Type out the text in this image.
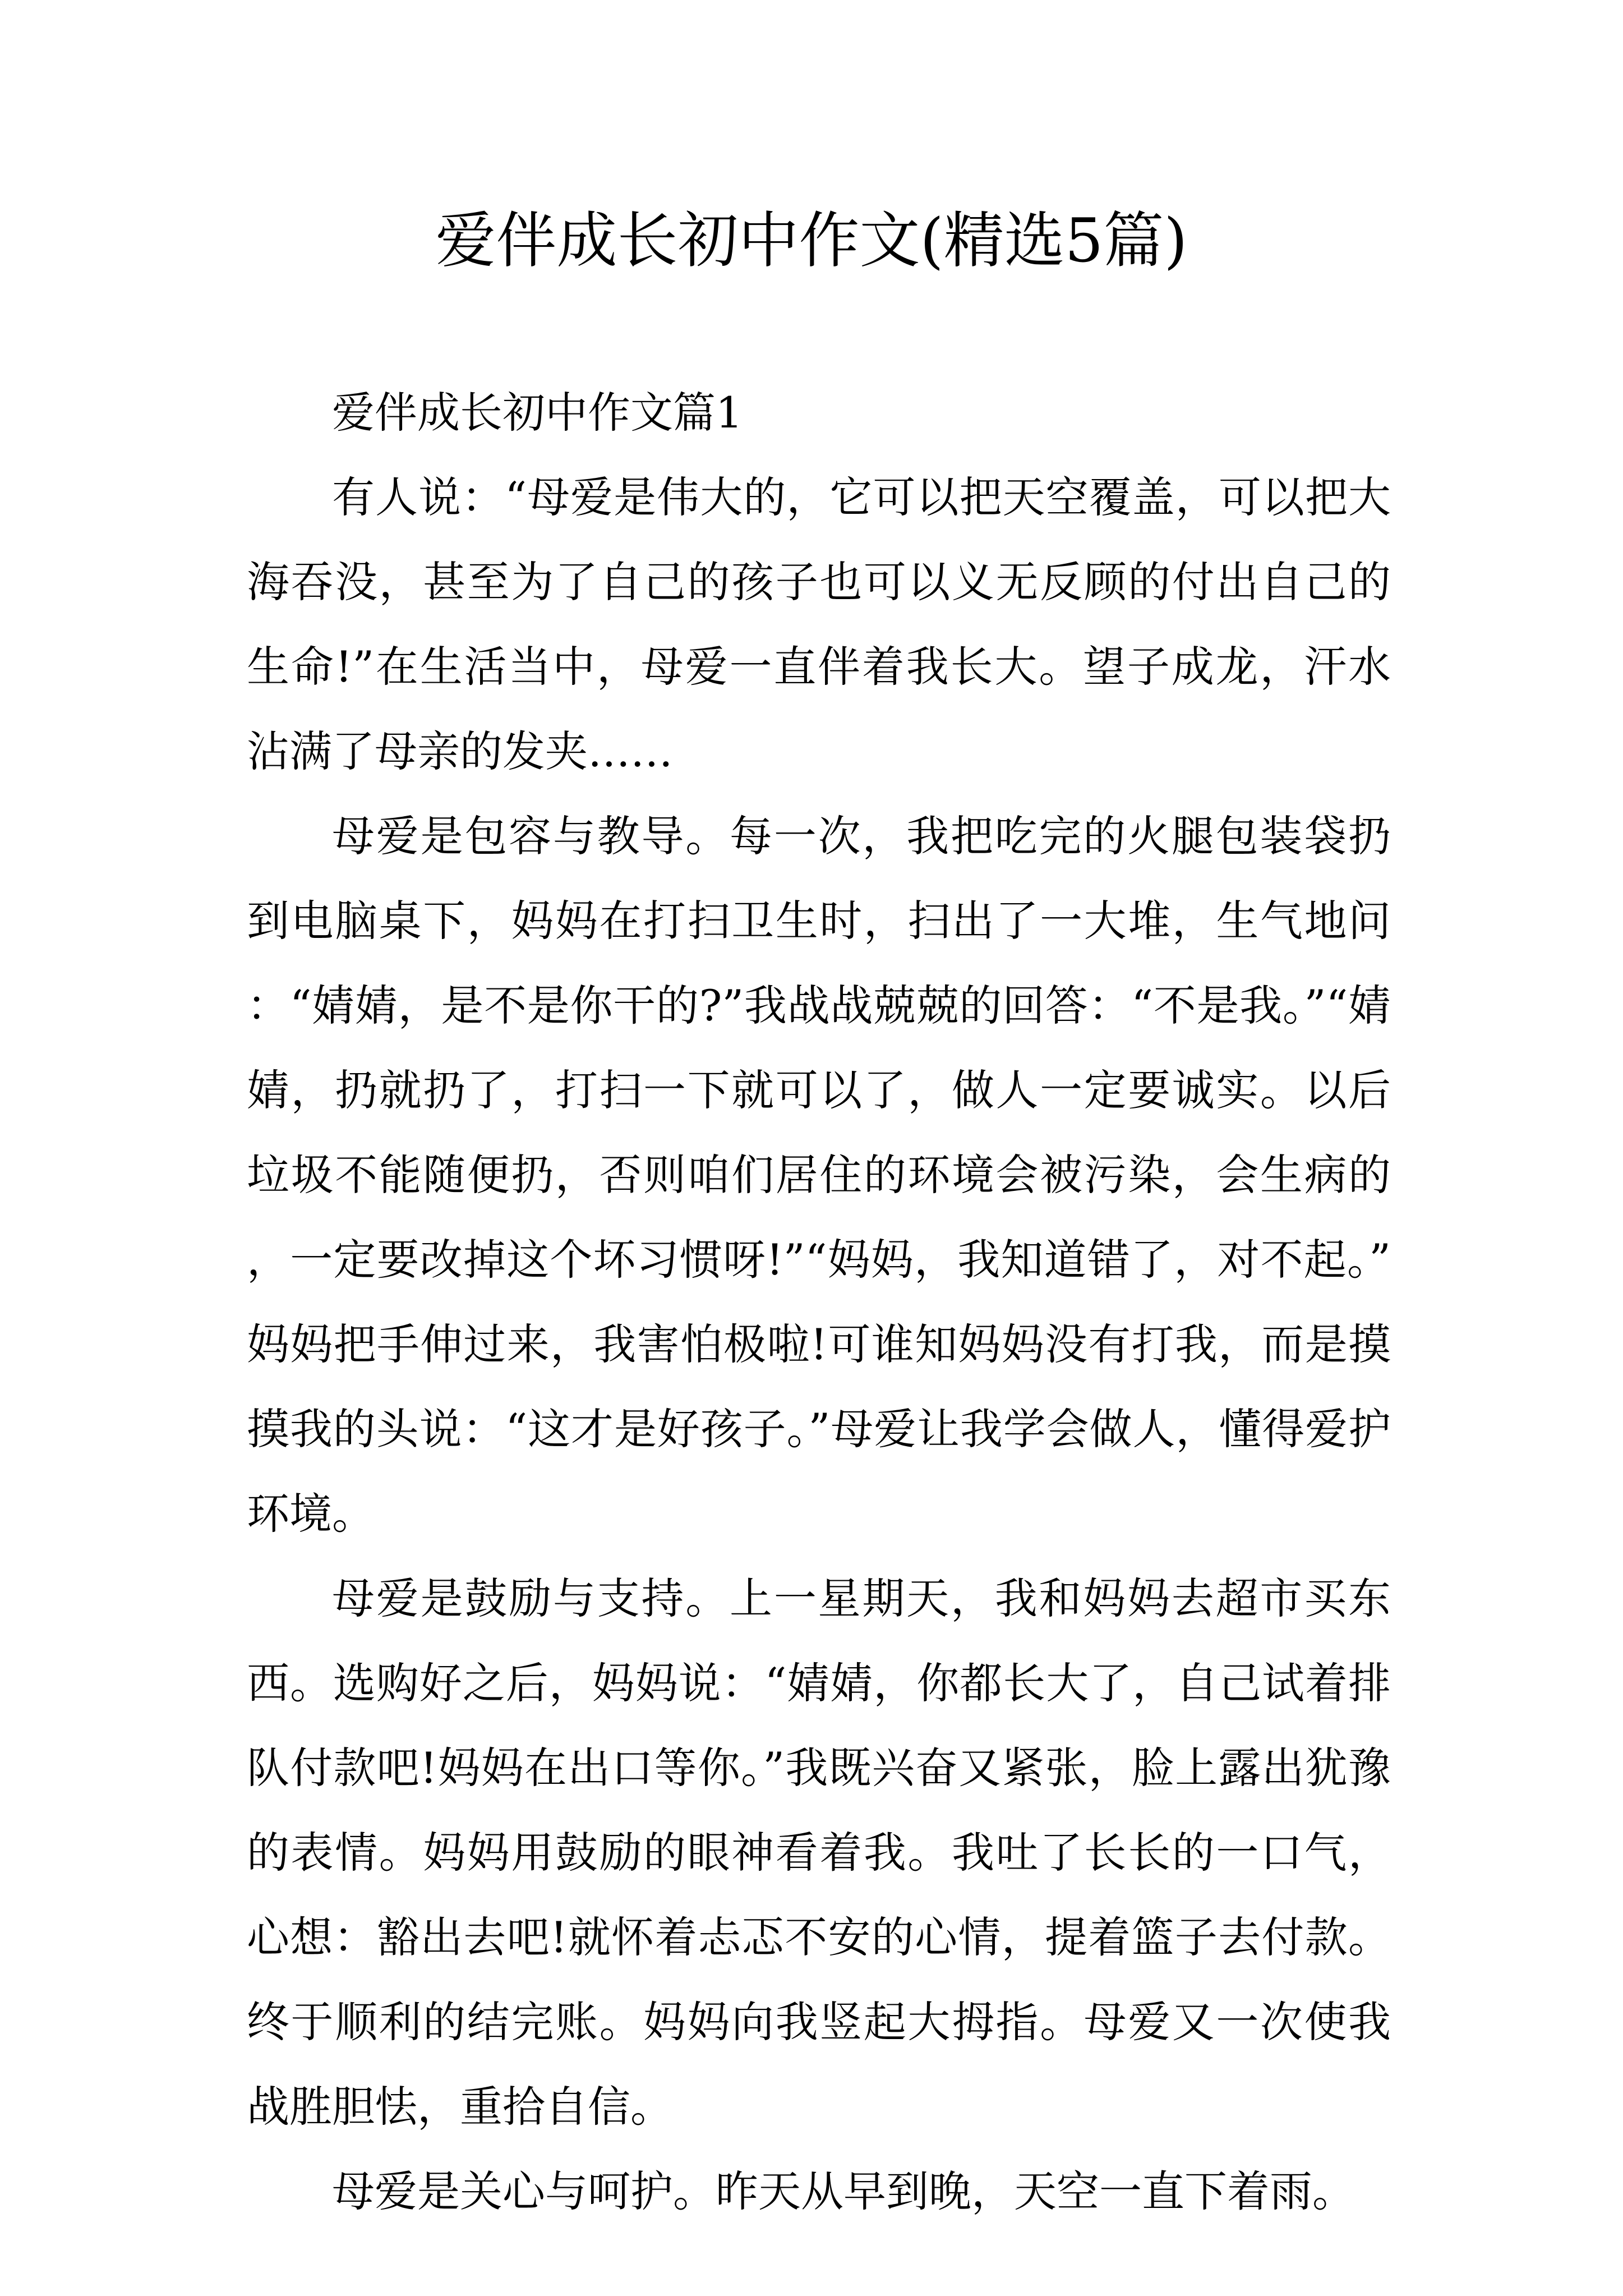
爱伴成长初中作文(精选5篇)

爱伴成长初中作文篇1

有人说：“母爱是伟大的，它可以把天空覆盖，可以把大海吞没，甚至为了自己的孩子也可以义无反顾的付出自己的生命!”在生活当中，母爱一直伴着我长大。望子成龙，汗水沾满了母亲的发夹……

母爱是包容与教导。每一次，我把吃完的火腿包装袋扔到电脑桌下，妈妈在打扫卫生时，扫出了一大堆，生气地问：“婧婧，是不是你干的?”我战战兢兢的回答：“不是我。”“婧婧，扔就扔了，打扫一下就可以了，做人一定要诚实。以后垃圾不能随便扔，否则咱们居住的环境会被污染，会生病的，一定要改掉这个坏习惯呀!”“妈妈，我知道错了，对不起。”妈妈把手伸过来，我害怕极啦!可谁知妈妈没有打我，而是摸摸我的头说：“这才是好孩子。”母爱让我学会做人，懂得爱护环境。

母爱是鼓励与支持。上一星期天，我和妈妈去超市买东西。选购好之后，妈妈说：“婧婧，你都长大了，自己试着排队付款吧!妈妈在出口等你。”我既兴奋又紧张，脸上露出犹豫的表情。妈妈用鼓励的眼神看着我。我吐了长长的一口气，心想：豁出去吧!就怀着忐忑不安的心情，提着篮子去付款。终于顺利的结完账。妈妈向我竖起大拇指。母爱又一次使我战胜胆怯，重拾自信。

母爱是关心与呵护。昨天从早到晚，天空一直下着雨。
